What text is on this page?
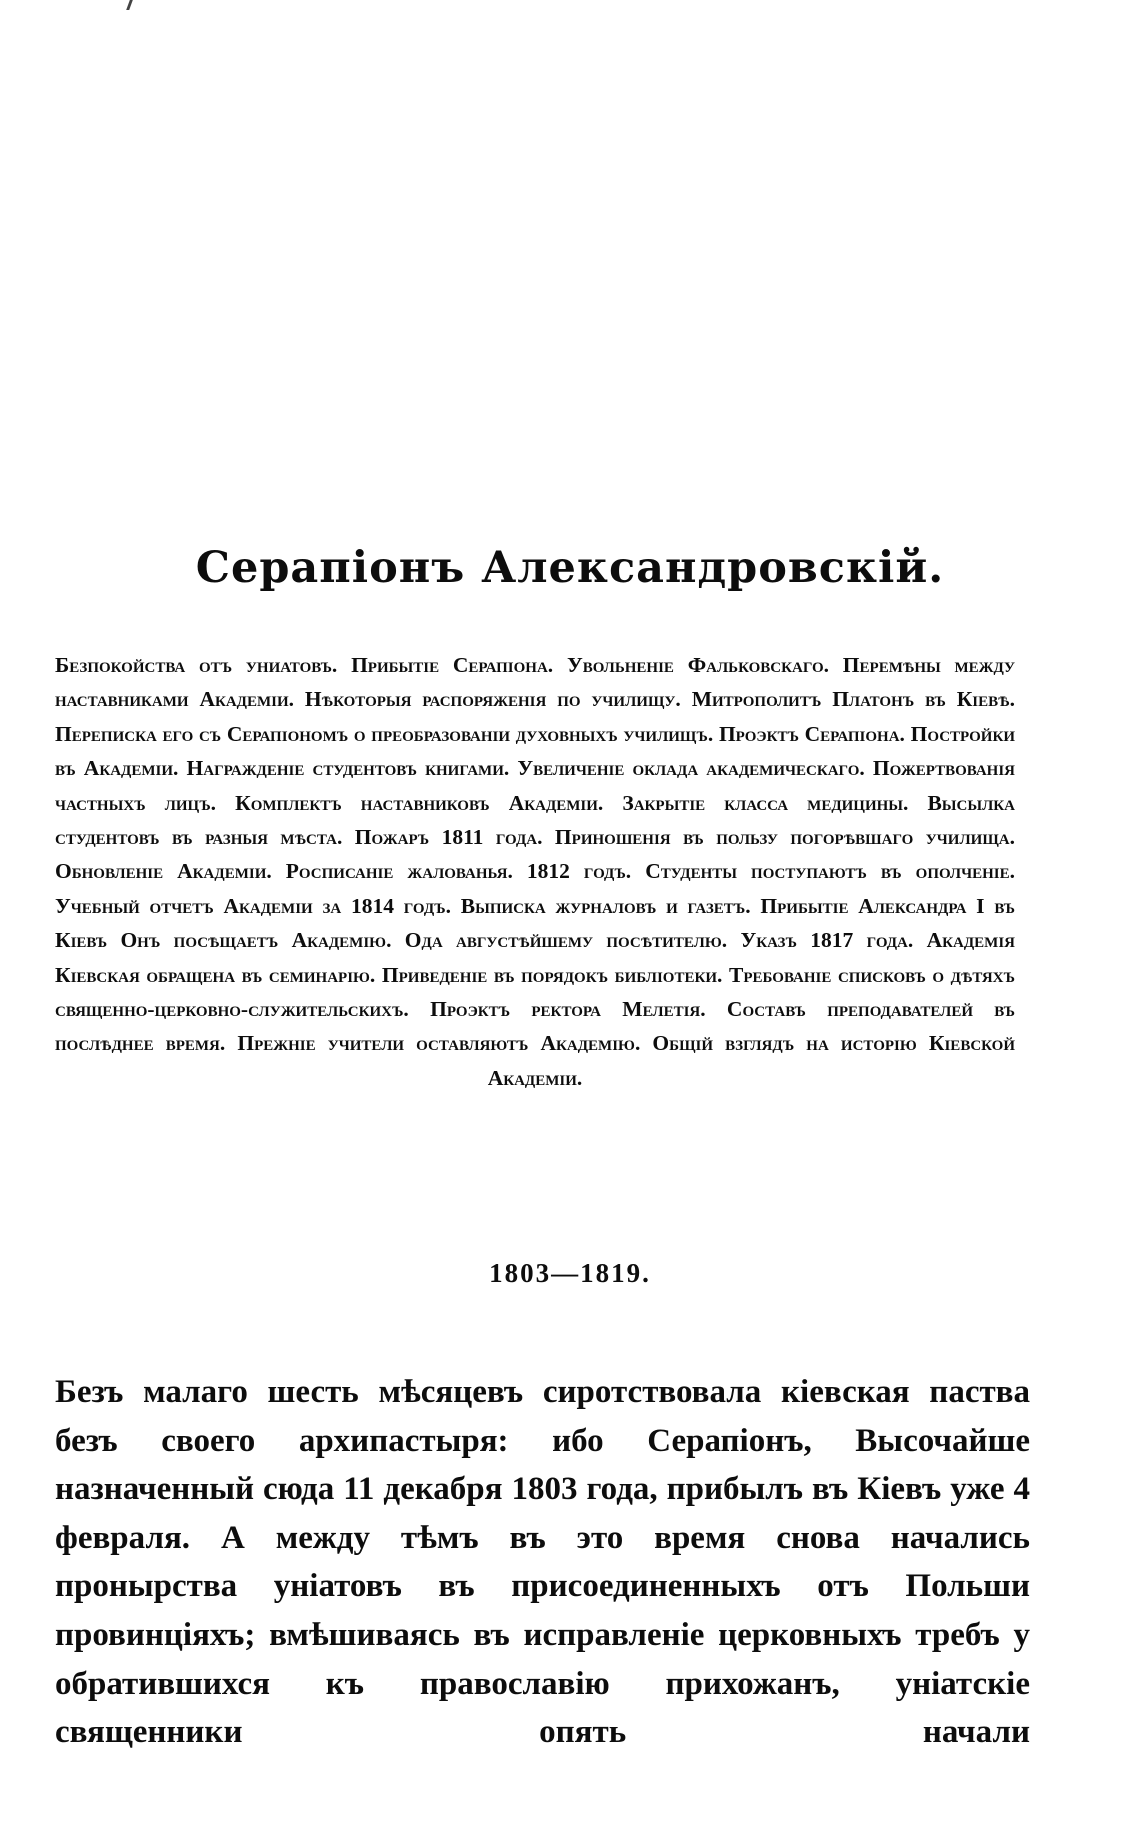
Серапіонъ Александровскій.
Безпокойства отъ униатовъ. Прибытіе Серапіона. Увольненіе Фальковскаго. Перемѣны между наставниками Академіи. Нѣкоторыя распоряженія по училищу. Митрополитъ Платонъ въ Кіевѣ. Переписка его съ Серапіономъ о преобразованіи духовныхъ училищъ. Проэктъ Серапіона. Постройки въ Академіи. Награжденіе студентовъ книгами. Увеличеніе оклада академическаго. Пожертвованія частныхъ лицъ. Комплектъ наставниковъ Академіи. Закрытіе класса медицины. Высылка студентовъ въ разныя мѣста. Пожаръ 1811 года. Приношенія въ пользу погорѣвшаго училища. Обновленіе Академіи. Росписаніе жалованья. 1812 годъ. Студенты поступаютъ въ ополченіе. Учебный отчетъ Академіи за 1814 годъ. Выписка журналовъ и газетъ. Прибытіе Александра I въ Кіевъ Онъ посѣщаетъ Академію. Ода августѣйшему посѣтителю. Указъ 1817 года. Академія Кіевская обращена въ семинарію. Приведеніе въ порядокъ библіотеки. Требованіе списковъ о дѣтяхъ священно-церковно-служительскихъ. Проэктъ ректора Мелетія. Составъ преподавателей въ послѣднее время. Прежніе учители оставляютъ Академію. Общій взглядъ на исторію Кіевской Академіи.
1803—1819.
Безъ малаго шесть мѣсяцевъ сиротствовала кіевская паства безъ своего архипастыря: ибо Серапіонъ, Высочайше назначенный сюда 11 декабря 1803 года, прибылъ въ Кіевъ уже 4 февраля. А между тѣмъ въ это время снова начались пронырства уніатовъ въ присоединенныхъ отъ Польши провинціяхъ; вмѣшиваясь въ исправленіе церковныхъ требъ у обратившихся къ православію прихожанъ, уніатскіе священники опять начали
